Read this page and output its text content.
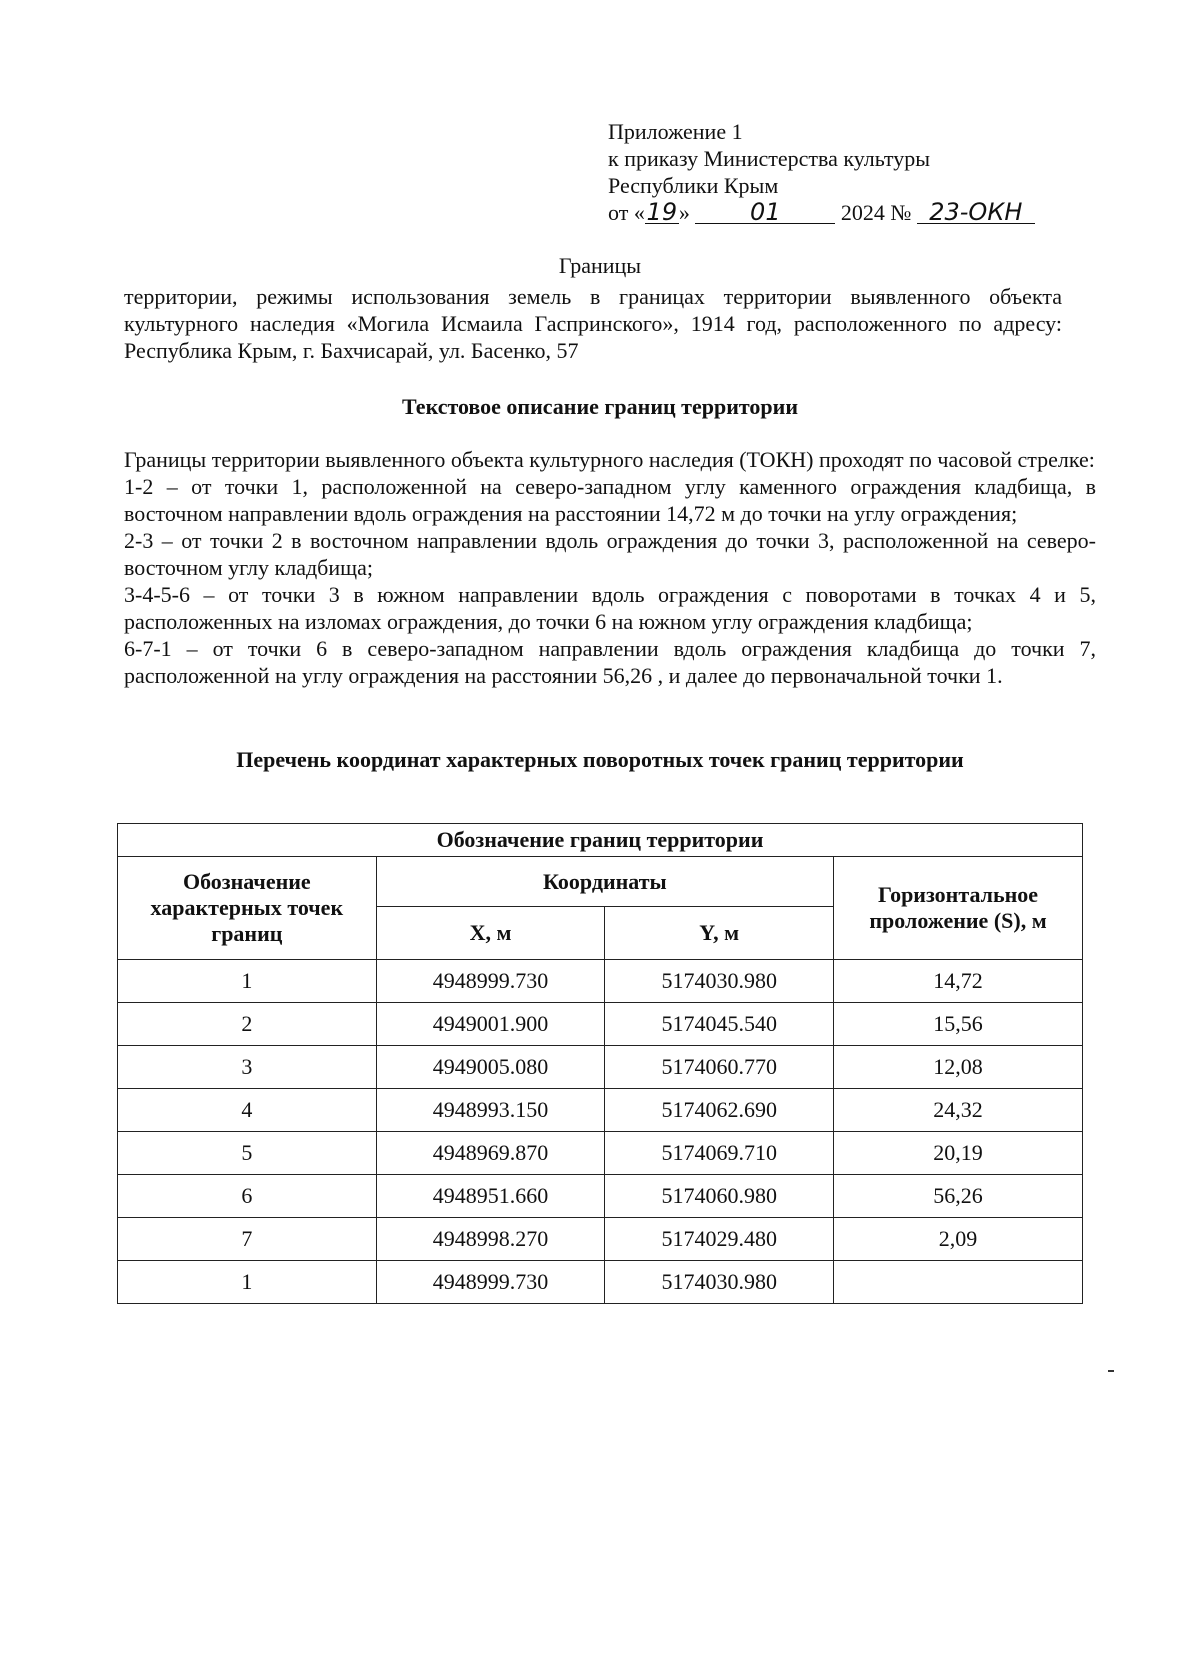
Приложение 1
к приказу Министерства культуры
Республики Крым
от «19»	01	2024 № 23-ОКН
Границы
территории, режимы использования земель в границах территории выявленного объекта культурного наследия «Могила Исмаила Гаспринского», 1914 год, расположенного по адресу: Республика Крым, г. Бахчисарай, ул. Басенко, 57
Текстовое описание границ территории
Границы территории выявленного объекта культурного наследия (ТОКН) проходят по часовой стрелке:
1-2 – от точки 1, расположенной на северо-западном углу каменного ограждения кладбища, в восточном направлении вдоль ограждения на расстоянии 14,72 м до точки на углу ограждения;
2-3 – от точки 2 в восточном направлении вдоль ограждения до точки 3, расположенной на северо-восточном углу кладбища;
3-4-5-6 – от точки 3 в южном направлении вдоль ограждения с поворотами в точках 4 и 5, расположенных на изломах ограждения, до точки 6 на южном углу ограждения кладбища;
6-7-1 – от точки 6 в северо-западном направлении вдоль ограждения кладбища до точки 7, расположенной на углу ограждения на расстоянии 56,26 , и далее до первоначальной точки 1.
Перечень координат характерных поворотных точек границ территории
Обозначение границ территории			
Обозначение характерных точек границ	Координаты		Горизонтальное проложение (S), м
	X, м	Y, м	
1	4948999.730	5174030.980	14,72
2	4949001.900	5174045.540	15,56
3	4949005.080	5174060.770	12,08
4	4948993.150	5174062.690	24,32
5	4948969.870	5174069.710	20,19
6	4948951.660	5174060.980	56,26
7	4948998.270	5174029.480	2,09
1	4948999.730	5174030.980	
